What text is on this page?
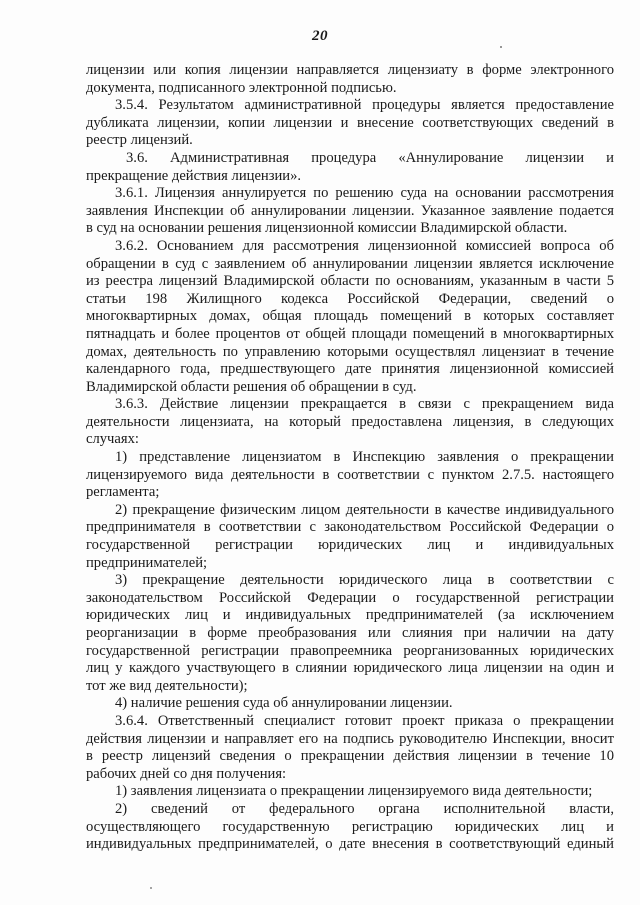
20
лицензии или копия лицензии направляется лицензиату в форме электронного
документа, подписанного электронной подписью.
3.5.4. Результатом административной процедуры является предоставление
дубликата лицензии, копии лицензии и внесение соответствующих сведений в
реестр лицензий.
3.6. Административная процедура «Аннулирование лицензии и
прекращение действия лицензии».
3.6.1. Лицензия аннулируется по решению суда на основании рассмотрения
заявления Инспекции об аннулировании лицензии. Указанное заявление подается
в суд на основании решения лицензионной комиссии Владимирской области.
3.6.2. Основанием для рассмотрения лицензионной комиссией вопроса об
обращении в суд с заявлением об аннулировании лицензии является исключение
из реестра лицензий Владимирской области по основаниям, указанным в части 5
статьи 198 Жилищного кодекса Российской Федерации, сведений о
многоквартирных домах, общая площадь помещений в которых составляет
пятнадцать и более процентов от общей площади помещений в многоквартирных
домах, деятельность по управлению которыми осуществлял лицензиат в течение
календарного года, предшествующего дате принятия лицензионной комиссией
Владимирской области решения об обращении в суд.
3.6.3. Действие лицензии прекращается в связи с прекращением вида
деятельности лицензиата, на который предоставлена лицензия, в следующих
случаях:
1) представление лицензиатом в Инспекцию заявления о прекращении
лицензируемого вида деятельности в соответствии с пунктом 2.7.5. настоящего
регламента;
2) прекращение физическим лицом деятельности в качестве индивидуального
предпринимателя в соответствии с законодательством Российской Федерации о
государственной регистрации юридических лиц и индивидуальных
предпринимателей;
3) прекращение деятельности юридического лица в соответствии с
законодательством Российской Федерации о государственной регистрации
юридических лиц и индивидуальных предпринимателей (за исключением
реорганизации в форме преобразования или слияния при наличии на дату
государственной регистрации правопреемника реорганизованных юридических
лиц у каждого участвующего в слиянии юридического лица лицензии на один и
тот же вид деятельности);
4) наличие решения суда об аннулировании лицензии.
3.6.4. Ответственный специалист готовит проект приказа о прекращении
действия лицензии и направляет его на подпись руководителю Инспекции, вносит
в реестр лицензий сведения о прекращении действия лицензии в течение 10
рабочих дней со дня получения:
1) заявления лицензиата о прекращении лицензируемого вида деятельности;
2) сведений от федерального органа исполнительной власти,
осуществляющего государственную регистрацию юридических лиц и
индивидуальных предпринимателей, о дате внесения в соответствующий единый
